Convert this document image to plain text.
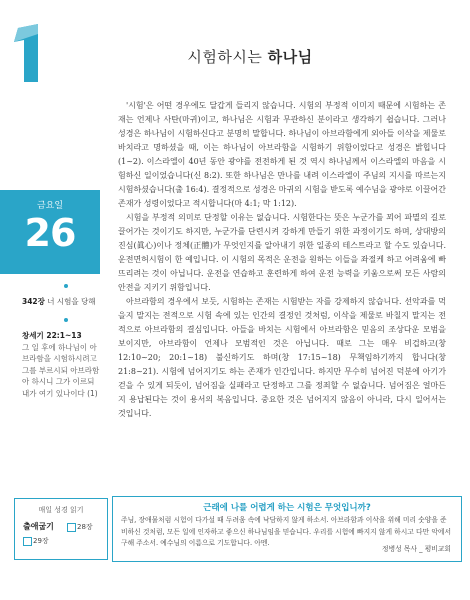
시험하시는 하나님
금요일
26
342장 너 시험을 당해
창세기 22:1~13
그 일 후에 하나님이 아브라함을 시험하시려고 그를 부르시되 아브라함아 하시니 그가 이르되 내가 여기 있나이다 (1)

'시험'은 어떤 경우에도 달갑게 들리지 않습니다. 시험의 부정적 이미지 때문에 시험하는 존재는 언제나 사탄(마귀)이고, 하나님은 시험과 무관하신 분이라고 생각하기 쉽습니다. 그러나 성경은 하나님이 시험하신다고 분명히 말합니다. 하나님이 아브라함에게 외아들 이삭을 제물로 바치라고 명하셨을 때, 이는 하나님이 아브라함을 시험하기 위함이었다고 성경은 밝힙니다(1~2). 이스라엘이 40년 동안 광야를 전전하게 된 것 역시 하나님께서 이스라엘의 마음을 시험하신 일이었습니다(신 8:2). 또한 하나님은 만나를 내려 이스라엘이 주님의 지시를 따르는지 시험하셨습니다(출 16:4). 결정적으로 성경은 마귀의 시험을 받도록 예수님을 광야로 이끌어간 존재가 성령이었다고 적시합니다(마 4:1; 막 1:12).

시험을 부정적 의미로 단정할 이유는 없습니다. 시험한다는 뜻은 누군가를 꾀어 파멸의 길로 끌어가는 것이기도 하지만, 누군가를 단련시켜 강하게 만들기 위한 과정이기도 하며, 상대방의 진심(眞心)이나 정체(正體)가 무엇인지를 알아내기 위한 일종의 테스트라고 할 수도 있습니다. 운전면허시험이 한 예입니다. 이 시험의 목적은 운전을 원하는 이들을 좌절케 하고 어려움에 빠뜨리려는 것이 아닙니다. 운전을 연습하고 훈련하게 하여 운전 능력을 키움으로써 모든 사람의 안전을 지키기 위함입니다.

아브라함의 경우에서 보듯, 시험하는 존재는 시험받는 자를 강제하지 않습니다. 선악과를 먹을지 말지는 전적으로 시험 속에 있는 인간의 결정인 것처럼, 이삭을 제물로 바칠지 말지는 전적으로 아브라함의 결심입니다. 아들을 바치는 시험에서 아브라함은 믿음의 조상다운 모범을 보이지만, 아브라함이 언제나 모범적인 것은 아닙니다. 때로 그는 매우 비겁하고(창 12:10~20; 20:1~18) 불신하기도 하며(창 17:15~18) 무책임하기까지 합니다(창 21:8~21). 시험에 넘어지기도 하는 존재가 인간입니다. 하지만 무수히 넘어진 덕분에 아기가 걷을 수 있게 되듯이, 넘어짐을 실패라고 단정하고 그를 정죄할 수 없습니다. 넘어짐은 얼마든지 용납된다는 것이 용서의 복음입니다. 중요한 것은 넘어지지 않음이 아니라, 다시 일어서는 것입니다.

매일 성경 읽기
출애굽기	28장
29장
근래에 나를 어렵게 하는 시험은 무엇입니까?
주님, 장애물처럼 시험이 다가설 때 두려움 속에 낙담하지 않게 하소서. 아브라함과 이삭을 위해 미리 숫양을 준비하신 것처럼, 모든 일에 인자하고 좋으신 하나님임을 믿습니다. 우리를 시험에 빠지지 않게 하시고 다만 악에서 구해 주소서. 예수님의 이름으로 기도합니다. 아멘.
정병성 목사 _ 평비교회
